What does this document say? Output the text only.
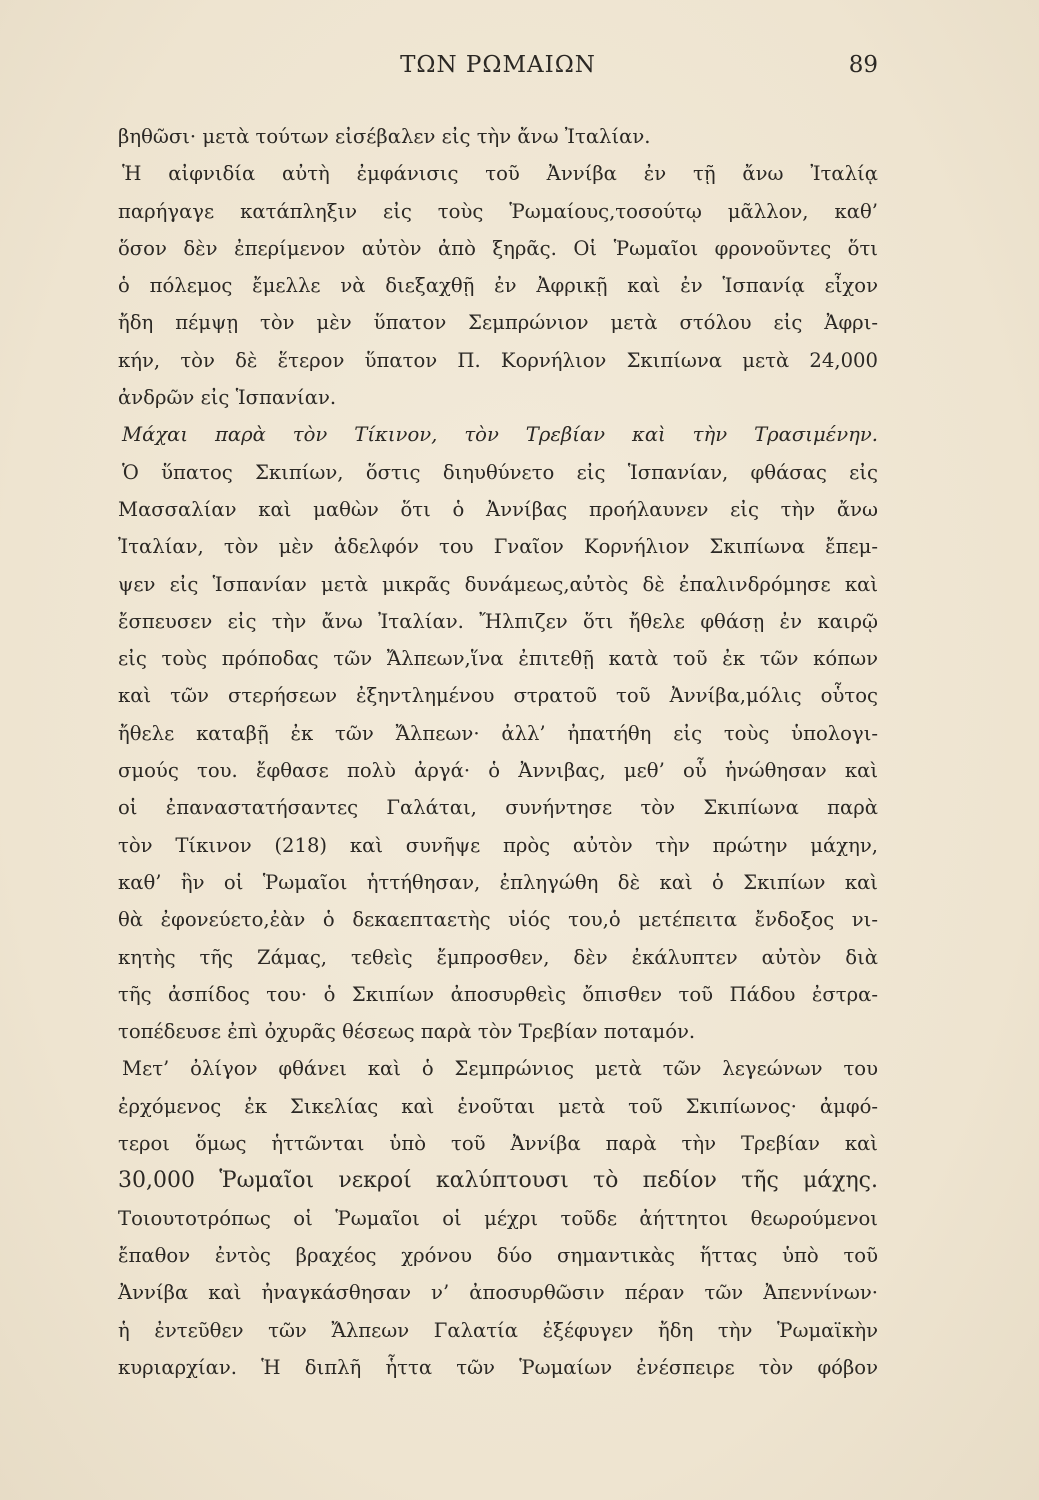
ΤΩΝ ΡΩΜΑΙΩΝ	89
βηθῶσι· μετὰ τούτων εἰσέβαλεν εἰς τὴν ἄνω Ἰταλίαν.
Ἡ αἰφνιδία αὐτὴ ἐμφάνισις τοῦ Ἀννίβα ἐν τῇ ἄνω Ἰταλίᾳ
παρήγαγε κατάπληξιν εἰς τοὺς Ῥωμαίους,τοσούτῳ μᾶλλον, καθ’
ὅσον δὲν ἐπερίμενον αὐτὸν ἀπὸ ξηρᾶς. Οἱ Ῥωμαῖοι φρονοῦντες ὅτι
ὁ πόλεμος ἔμελλε νὰ διεξαχθῇ ἐν Ἀφρικῇ καὶ ἐν Ἱσπανίᾳ εἶχον
ἤδη πέμψῃ τὸν μὲν ὕπατον Σεμπρώνιον μετὰ στόλου εἰς Ἀφρι-
κήν, τὸν δὲ ἕτερον ὕπατον Π. Κορνήλιον Σκιπίωνα μετὰ 24,000
ἀνδρῶν εἰς Ἱσπανίαν.
Μάχαι παρὰ τὸν Τίκινον, τὸν Τρεβίαν καὶ τὴν Τρασιμένην.
Ὁ ὕπατος Σκιπίων, ὅστις διηυθύνετο εἰς Ἱσπανίαν, φθάσας εἰς
Μασσαλίαν καὶ μαθὼν ὅτι ὁ Ἀννίβας προήλαυνεν εἰς τὴν ἄνω
Ἰταλίαν, τὸν μὲν ἀδελφόν του Γναῖον Κορνήλιον Σκιπίωνα ἔπεμ-
ψεν εἰς Ἱσπανίαν μετὰ μικρᾶς δυνάμεως,αὐτὸς δὲ ἐπαλινδρόμησε καὶ
ἔσπευσεν εἰς τὴν ἄνω Ἰταλίαν. Ἤλπιζεν ὅτι ἤθελε φθάσῃ ἐν καιρῷ
εἰς τοὺς πρόποδας τῶν Ἄλπεων,ἵνα ἐπιτεθῇ κατὰ τοῦ ἐκ τῶν κόπων
καὶ τῶν στερήσεων ἐξηντλημένου στρατοῦ τοῦ Ἀννίβα,μόλις οὗτος
ἤθελε καταβῇ ἐκ τῶν Ἄλπεων· ἀλλ’ ἠπατήθη εἰς τοὺς ὑπολογι-
σμούς του. ἔφθασε πολὺ ἀργά· ὁ Ἀννιβας, μεθ’ οὗ ἡνώθησαν καὶ
οἱ ἐπαναστατήσαντες Γαλάται, συνήντησε τὸν Σκιπίωνα παρὰ
τὸν Τίκινον (218) καὶ συνῆψε πρὸς αὐτὸν τὴν πρώτην μάχην,
καθ’ ἣν οἱ Ῥωμαῖοι ἡττήθησαν, ἐπληγώθη δὲ καὶ ὁ Σκιπίων καὶ
θὰ ἐφονεύετο,ἐὰν ὁ δεκαεπταετὴς υἱός του,ὁ μετέπειτα ἔνδοξος νι-
κητὴς τῆς Ζάμας, τεθεὶς ἔμπροσθεν, δὲν ἐκάλυπτεν αὐτὸν διὰ
τῆς ἀσπίδος του· ὁ Σκιπίων ἀποσυρθεὶς ὄπισθεν τοῦ Πάδου ἐστρα-
τοπέδευσε ἐπὶ ὀχυρᾶς θέσεως παρὰ τὸν Τρεβίαν ποταμόν.
Μετ’ ὀλίγον φθάνει καὶ ὁ Σεμπρώνιος μετὰ τῶν λεγεώνων του
ἐρχόμενος ἐκ Σικελίας καὶ ἑνοῦται μετὰ τοῦ Σκιπίωνος· ἀμφό-
τεροι ὅμως ἡττῶνται ὑπὸ τοῦ Ἀννίβα παρὰ τὴν Τρεβίαν καὶ
30,000 Ῥωμαῖοι νεκροί καλύπτουσι τὸ πεδίον τῆς μάχης.
Τοιουτοτρόπως οἱ Ῥωμαῖοι οἱ μέχρι τοῦδε ἀήττητοι θεωρούμενοι
ἔπαθον ἐντὸς βραχέος χρόνου δύο σημαντικὰς ἥττας ὑπὸ τοῦ
Ἀννίβα καὶ ἠναγκάσθησαν ν’ ἀποσυρθῶσιν πέραν τῶν Ἀπεννίνων·
ἡ ἐντεῦθεν τῶν Ἄλπεων Γαλατία ἐξέφυγεν ἤδη τὴν Ῥωμαϊκὴν
κυριαρχίαν. Ἡ διπλῆ ἧττα τῶν Ῥωμαίων ἐνέσπειρε τὸν φόβον
